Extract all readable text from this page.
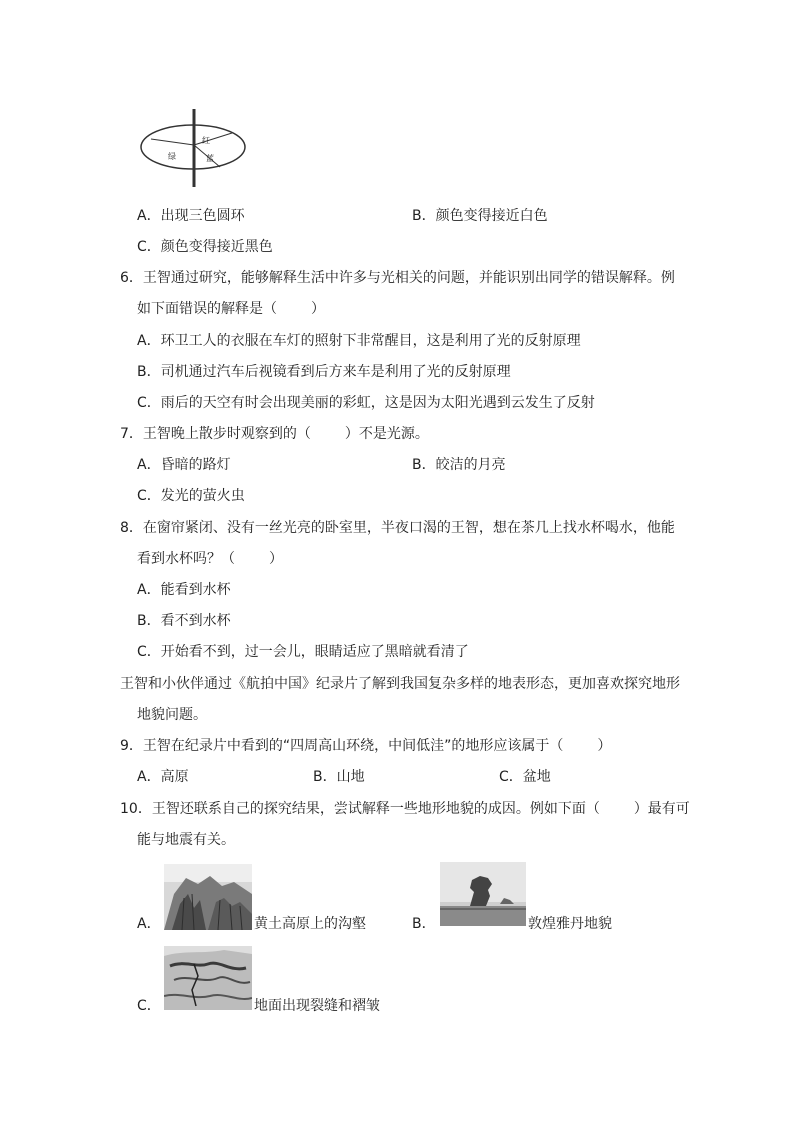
红
绿	蓝
A．出现三色圆环	B．颜色变得接近白色
C．颜色变得接近黑色
6．王智通过研究，能够解释生活中许多与光相关的问题，并能识别出同学的错误解释。例
如下面错误的解释是（ ）
A．环卫工人的衣服在车灯的照射下非常醒目，这是利用了光的反射原理
B．司机通过汽车后视镜看到后方来车是利用了光的反射原理
C．雨后的天空有时会出现美丽的彩虹，这是因为太阳光遇到云发生了反射
7．王智晚上散步时观察到的（ ）不是光源。
A．昏暗的路灯	B．皎洁的月亮
C．发光的萤火虫
8．在窗帘紧闭、没有一丝光亮的卧室里，半夜口渴的王智，想在茶几上找水杯喝水，他能
看到水杯吗？（ ）
A．能看到水杯
B．看不到水杯
C．开始看不到，过一会儿，眼睛适应了黑暗就看清了
王智和小伙伴通过《航拍中国》纪录片了解到我国复杂多样的地表形态，更加喜欢探究地形
地貌问题。
9．王智在纪录片中看到的“四周高山环绕，中间低洼”的地形应该属于（ ）
A．高原	B．山地	C．盆地
10．王智还联系自己的探究结果，尝试解释一些地形地貌的成因。例如下面（ ）最有可
能与地震有关。
A．	黄土高原上的沟壑	B．	敦煌雅丹地貌
C．	地面出现裂缝和褶皱
